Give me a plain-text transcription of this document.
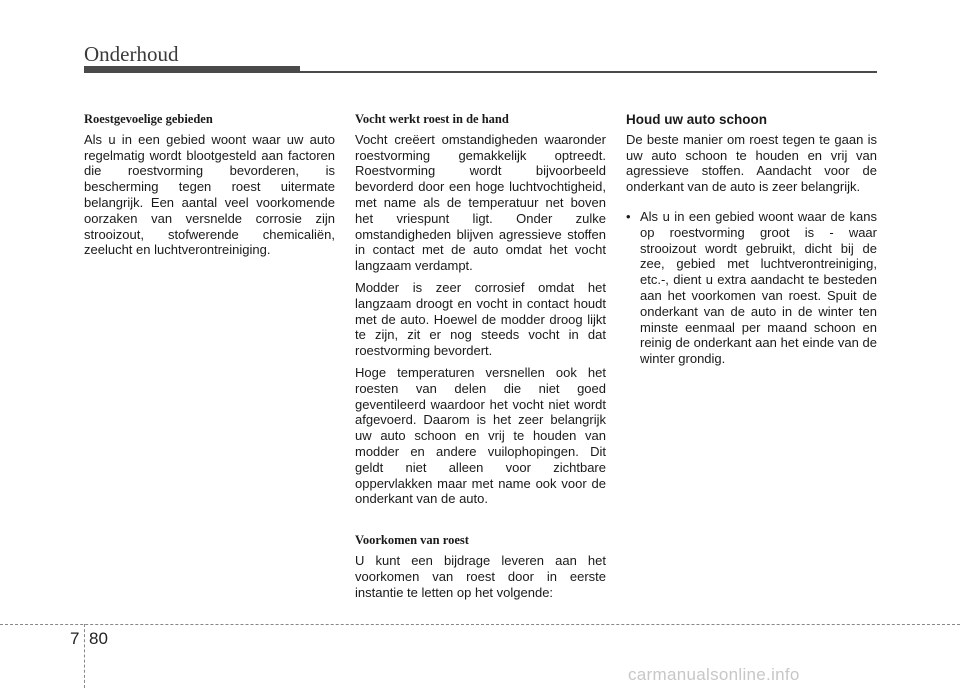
Onderhoud

Roestgevoelige gebieden

Als u in een gebied woont waar uw auto regelmatig wordt blootgesteld aan factoren die roestvorming bevorderen, is bescherming tegen roest uitermate belangrijk. Een aantal veel voorkomende oorzaken van versnelde corrosie zijn strooizout, stofwerende chemicaliën, zeelucht en luchtverontreiniging.

Vocht werkt roest in de hand

Vocht creëert omstandigheden waaronder roestvorming gemakkelijk optreedt. Roestvorming wordt bijvoorbeeld bevorderd door een hoge luchtvochtigheid, met name als de temperatuur net boven het vriespunt ligt. Onder zulke omstandigheden blijven agressieve stoffen in contact met de auto omdat het vocht langzaam verdampt.

Modder is zeer corrosief omdat het langzaam droogt en vocht in contact houdt met de auto. Hoewel de modder droog lijkt te zijn, zit er nog steeds vocht in dat roestvorming bevordert.

Hoge temperaturen versnellen ook het roesten van delen die niet goed geventileerd waardoor het vocht niet wordt afgevoerd. Daarom is het zeer belangrijk uw auto schoon en vrij te houden van modder en andere vuilophopingen. Dit geldt niet alleen voor zichtbare oppervlakken maar met name ook voor de onderkant van de auto.

Voorkomen van roest

U kunt een bijdrage leveren aan het voorkomen van roest door in eerste instantie te letten op het volgende:

Houd uw auto schoon

De beste manier om roest tegen te gaan is uw auto schoon te houden en vrij van agressieve stoffen. Aandacht voor de onderkant van de auto is zeer belangrijk.

• Als u in een gebied woont waar de kans op roestvorming groot is - waar strooizout wordt gebruikt, dicht bij de zee, gebied met luchtverontreiniging, etc.-, dient u extra aandacht te besteden aan het voorkomen van roest. Spuit de onderkant van de auto in de winter ten minste eenmaal per maand schoon en reinig de onderkant aan het einde van de winter grondig.
7 80
carmanualsonline.info
